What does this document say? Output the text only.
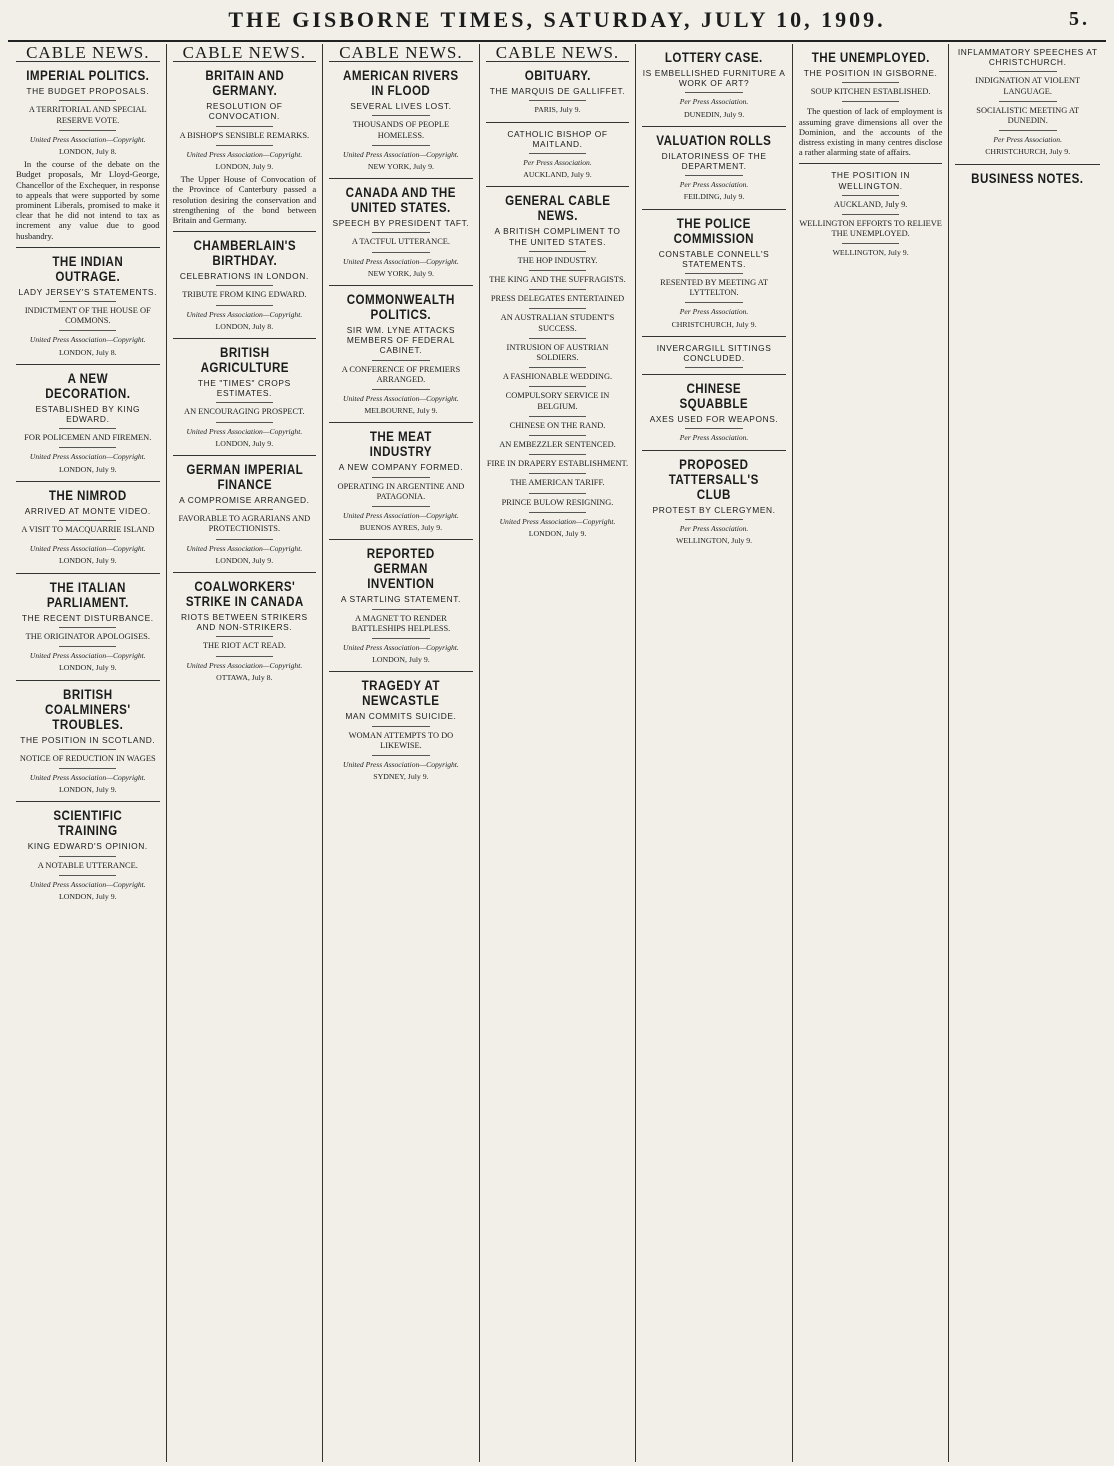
THE GISBORNE TIMES, SATURDAY, JULY 10, 1909.	5.
CABLE NEWS.
IMPERIAL POLITICS.
THE BUDGET PROPOSALS.
A TERRITORIAL AND SPECIAL RESERVE VOTE.
United Press Association—Copyright.
LONDON, July 8.

In the course of the debate on the Budget proposals, Mr Lloyd-George, Chancellor of the Exchequer, in response to appeals that were supported by some prominent Liberals, promised to make it clear that he did not intend to tax as increment any value due to good husbandry.

THE INDIAN OUTRAGE.
LADY JERSEY'S STATEMENTS.
INDICTMENT OF THE HOUSE OF COMMONS.
United Press Association—Copyright.
LONDON, July 8.
A NEW DECORATION.
ESTABLISHED BY KING EDWARD.
FOR POLICEMEN AND FIREMEN.
United Press Association—Copyright.
LONDON, July 9.
THE NIMROD
ARRIVED AT MONTE VIDEO.
A VISIT TO MACQUARRIE ISLAND
United Press Association—Copyright.
LONDON, July 9.
THE ITALIAN PARLIAMENT.
THE RECENT DISTURBANCE.
THE ORIGINATOR APOLOGISES.
United Press Association—Copyright.
LONDON, July 9.
BRITISH COALMINERS' TROUBLES.
THE POSITION IN SCOTLAND.
NOTICE OF REDUCTION IN WAGES
United Press Association—Copyright.
LONDON, July 9.
SCIENTIFIC TRAINING
KING EDWARD'S OPINION.
A NOTABLE UTTERANCE.
United Press Association—Copyright.
LONDON, July 9.
CABLE NEWS.
BRITAIN AND GERMANY.
RESOLUTION OF CONVOCATION.
A BISHOP'S SENSIBLE REMARKS.
United Press Association—Copyright.
LONDON, July 9.

The Upper House of Convocation of the Province of Canterbury passed a resolution desiring the conservation and strengthening of the bond between Britain and Germany.

CHAMBERLAIN'S BIRTHDAY.
CELEBRATIONS IN LONDON.
TRIBUTE FROM KING EDWARD.
United Press Association—Copyright.
LONDON, July 8.
BRITISH AGRICULTURE
THE "TIMES" CROPS ESTIMATES.
AN ENCOURAGING PROSPECT.
United Press Association—Copyright.
LONDON, July 9.
GERMAN IMPERIAL FINANCE
A COMPROMISE ARRANGED.
FAVORABLE TO AGRARIANS AND PROTECTIONISTS.
United Press Association—Copyright.
LONDON, July 9.
COALWORKERS' STRIKE IN CANADA
RIOTS BETWEEN STRIKERS AND NON-STRIKERS.
THE RIOT ACT READ.
United Press Association—Copyright.
OTTAWA, July 8.
CABLE NEWS.
AMERICAN RIVERS IN FLOOD
SEVERAL LIVES LOST.
THOUSANDS OF PEOPLE HOMELESS.
United Press Association—Copyright.
NEW YORK, July 9.
CANADA AND THE UNITED STATES.
SPEECH BY PRESIDENT TAFT.
A TACTFUL UTTERANCE.
United Press Association—Copyright.
NEW YORK, July 9.
COMMONWEALTH POLITICS.
SIR WM. LYNE ATTACKS MEMBERS OF FEDERAL CABINET.
A CONFERENCE OF PREMIERS ARRANGED.
United Press Association—Copyright.
MELBOURNE, July 9.
THE MEAT INDUSTRY
A NEW COMPANY FORMED.
OPERATING IN ARGENTINE AND PATAGONIA.
United Press Association—Copyright.
BUENOS AYRES, July 9.
REPORTED GERMAN INVENTION
A STARTLING STATEMENT.
A MAGNET TO RENDER BATTLESHIPS HELPLESS.
United Press Association—Copyright.
LONDON, July 9.
TRAGEDY AT NEWCASTLE
MAN COMMITS SUICIDE.
WOMAN ATTEMPTS TO DO LIKEWISE.
United Press Association—Copyright.
SYDNEY, July 9.
CABLE NEWS.
OBITUARY.
THE MARQUIS DE GALLIFFET.
PARIS, July 9.
CATHOLIC BISHOP OF MAITLAND.
Per Press Association.
AUCKLAND, July 9.
GENERAL CABLE NEWS.
A BRITISH COMPLIMENT TO THE UNITED STATES.
THE HOP INDUSTRY.
THE KING AND THE SUFFRAGISTS.
PRESS DELEGATES ENTERTAINED
AN AUSTRALIAN STUDENT'S SUCCESS.
INTRUSION OF AUSTRIAN SOLDIERS.
A FASHIONABLE WEDDING.
COMPULSORY SERVICE IN BELGIUM.
CHINESE ON THE RAND.
AN EMBEZZLER SENTENCED.
FIRE IN DRAPERY ESTABLISHMENT.
THE AMERICAN TARIFF.
PRINCE BULOW RESIGNING.
United Press Association—Copyright.
LONDON, July 9.
LOTTERY CASE.
IS EMBELLISHED FURNITURE A WORK OF ART?
Per Press Association.
DUNEDIN, July 9.
VALUATION ROLLS
DILATORINESS OF THE DEPARTMENT.
Per Press Association.
FEILDING, July 9.
THE POLICE COMMISSION
CONSTABLE CONNELL'S STATEMENTS.
RESENTED BY MEETING AT LYTTELTON.
Per Press Association.
CHRISTCHURCH, July 9.
INVERCARGILL SITTINGS CONCLUDED.
CHINESE SQUABBLE
AXES USED FOR WEAPONS.
Per Press Association.
PROPOSED TATTERSALL'S CLUB
PROTEST BY CLERGYMEN.
Per Press Association.
WELLINGTON, July 9.
THE UNEMPLOYED.
THE POSITION IN GISBORNE.
SOUP KITCHEN ESTABLISHED.

The question of lack of employment is assuming grave dimensions all over the Dominion, and the accounts of the distress existing in many centres disclose a rather alarming state of affairs.

THE POSITION IN WELLINGTON.
AUCKLAND, July 9.
WELLINGTON EFFORTS TO RELIEVE THE UNEMPLOYED.
WELLINGTON, July 9.
INFLAMMATORY SPEECHES AT CHRISTCHURCH.
INDIGNATION AT VIOLENT LANGUAGE.
SOCIALISTIC MEETING AT DUNEDIN.
Per Press Association.
CHRISTCHURCH, July 9.
BUSINESS NOTES.
